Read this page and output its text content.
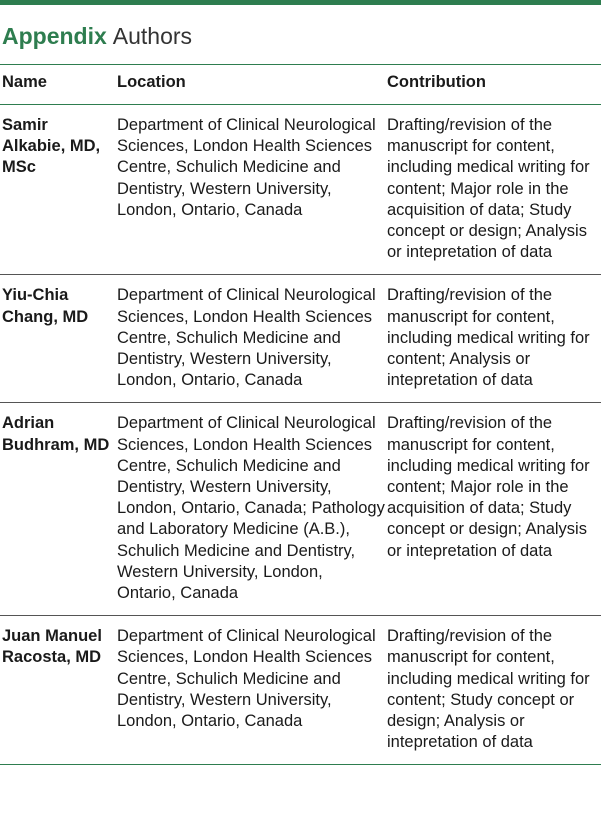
Appendix Authors
Name	Location	Contribution
Samir Alkabie, MD, MSc	Department of Clinical Neurological Sciences, London Health Sciences Centre, Schulich Medicine and Dentistry, Western University, London, Ontario, Canada	Drafting/revision of the manuscript for content, including medical writing for content; Major role in the acquisition of data; Study concept or design; Analysis or intepretation of data
Yiu-Chia Chang, MD	Department of Clinical Neurological Sciences, London Health Sciences Centre, Schulich Medicine and Dentistry, Western University, London, Ontario, Canada	Drafting/revision of the manuscript for content, including medical writing for content; Analysis or intepretation of data
Adrian Budhram, MD	Department of Clinical Neurological Sciences, London Health Sciences Centre, Schulich Medicine and Dentistry, Western University, London, Ontario, Canada; Pathology and Laboratory Medicine (A.B.), Schulich Medicine and Dentistry, Western University, London, Ontario, Canada	Drafting/revision of the manuscript for content, including medical writing for content; Major role in the acquisition of data; Study concept or design; Analysis or intepretation of data
Juan Manuel Racosta, MD	Department of Clinical Neurological Sciences, London Health Sciences Centre, Schulich Medicine and Dentistry, Western University, London, Ontario, Canada	Drafting/revision of the manuscript for content, including medical writing for content; Study concept or design; Analysis or intepretation of data
